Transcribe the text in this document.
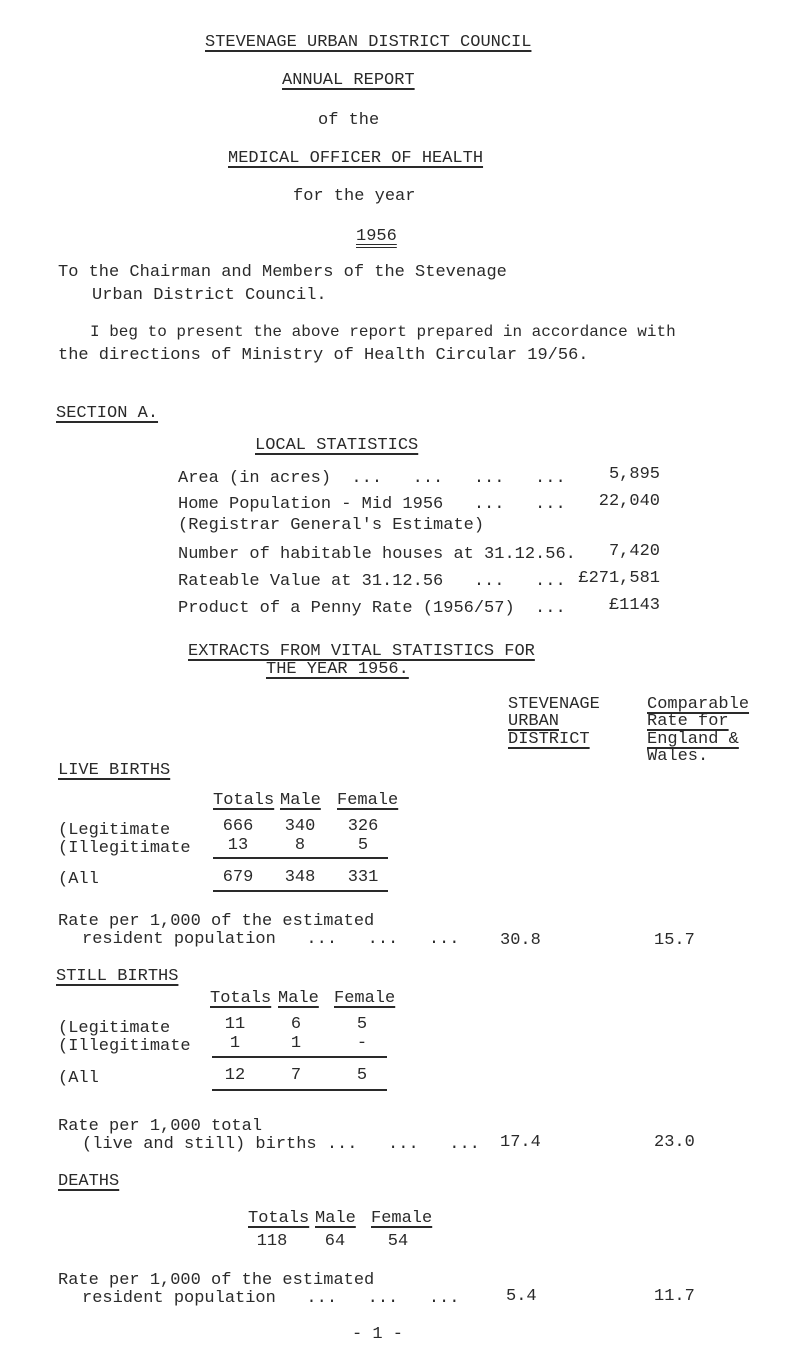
STEVENAGE URBAN DISTRICT COUNCIL
ANNUAL REPORT
of the
MEDICAL OFFICER OF HEALTH
for the year
1956
To the Chairman and Members of the Stevenage
Urban District Council.
I beg to present the above report prepared in accordance with
the directions of Ministry of Health Circular 19/56.
SECTION A.
LOCAL STATISTICS
Area (in acres)  ...   ...   ...   ...	5,895
Home Population - Mid 1956   ...   ...	22,040
(Registrar General's Estimate)
Number of habitable houses at 31.12.56.	7,420
Rateable Value at 31.12.56   ...   ... £271,581
Product of a Penny Rate (1956/57)  ...	£1143
EXTRACTS FROM VITAL STATISTICS FOR
THE YEAR 1956.
STEVENAGE
URBAN
DISTRICT
Comparable
Rate for
England &
Wales.
LIVE BIRTHS
Totals Male Female
(Legitimate	666	340	326
(Illegitimate	13	8	5
(All	679	348	331
Rate per 1,000 of the estimated
resident population   ...   ...   ... 30.8	15.7
STILL BIRTHS
Totals Male Female
(Legitimate	11	6	5
(Illegitimate	1	1	-
(All	12	7	5
Rate per 1,000 total
(live and still) births ...   ...   ... 17.4	23.0
DEATHS
Totals Male Female
118	64	54
Rate per 1,000 of the estimated
resident population   ...   ...   ...	5.4	11.7
- 1 -
